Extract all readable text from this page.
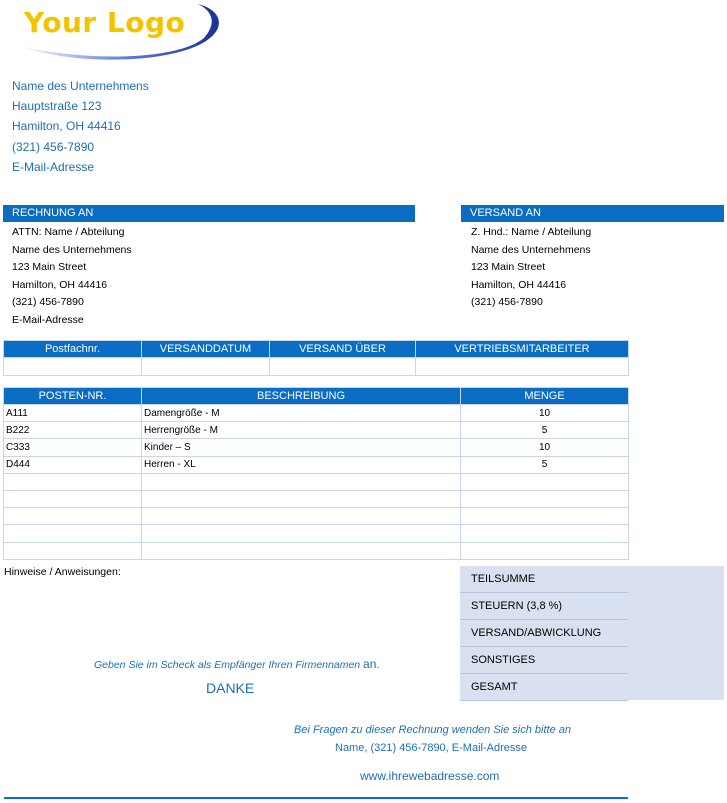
Your Logo
Name des Unternehmens
Hauptstraße 123
Hamilton, OH 44416
(321) 456-7890
E-Mail-Adresse
RECHNUNG AN
ATTN: Name / Abteilung
Name des Unternehmens
123 Main Street
Hamilton, OH 44416
(321) 456-7890
E-Mail-Adresse
VERSAND AN
Z. Hnd.: Name / Abteilung
Name des Unternehmens
123 Main Street
Hamilton, OH 44416
(321) 456-7890
Postfachnr.	VERSANDDATUM	VERSAND ÜBER	VERTRIEBSMITARBEITER

POSTEN-NR.	BESCHREIBUNG	MENGE
A111	Damengröße - M	10
B222	Herrengröße - M	5
C333	Kinder – S	10
D444	Herren - XL	5

Hinweise / Anweisungen:
Geben Sie im Scheck als Empfänger Ihren Firmennamen an.
DANKE
TEILSUMME
STEUERN (3,8 %)
VERSAND/ABWICKLUNG
SONSTIGES
GESAMT
Bei Fragen zu dieser Rechnung wenden Sie sich bitte an
Name, (321) 456-7890, E-Mail-Adresse
www.ihrewebadresse.com
